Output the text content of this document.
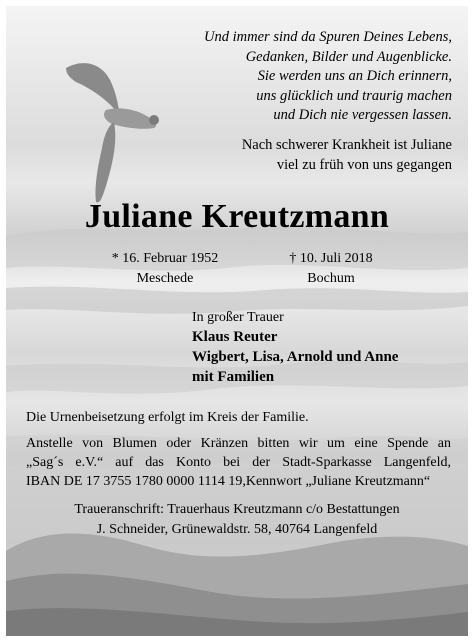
Und immer sind da Spuren Deines Lebens,
Gedanken, Bilder und Augenblicke.
Sie werden uns an Dich erinnern,
uns glücklich und traurig machen
und Dich nie vergessen lassen.

Nach schwerer Krankheit ist Juliane
viel zu früh von uns gegangen
Juliane Kreutzmann
* 16. Februar 1952
Meschede
† 10. Juli 2018
Bochum
In großer Trauer
Klaus Reuter
Wigbert, Lisa, Arnold und Anne
mit Familien

Die Urnenbeisetzung erfolgt im Kreis der Familie.

Anstelle von Blumen oder Kränzen bitten wir um eine Spende an
„Sag´s e.V.“ auf das Konto bei der Stadt-Sparkasse Langenfeld,
IBAN DE 17 3755 1780 0000 1114 19,Kennwort „Juliane Kreutzmann“

Traueranschrift: Trauerhaus Kreutzmann c/o Bestattungen
J. Schneider, Grünewaldstr. 58, 40764 Langenfeld
